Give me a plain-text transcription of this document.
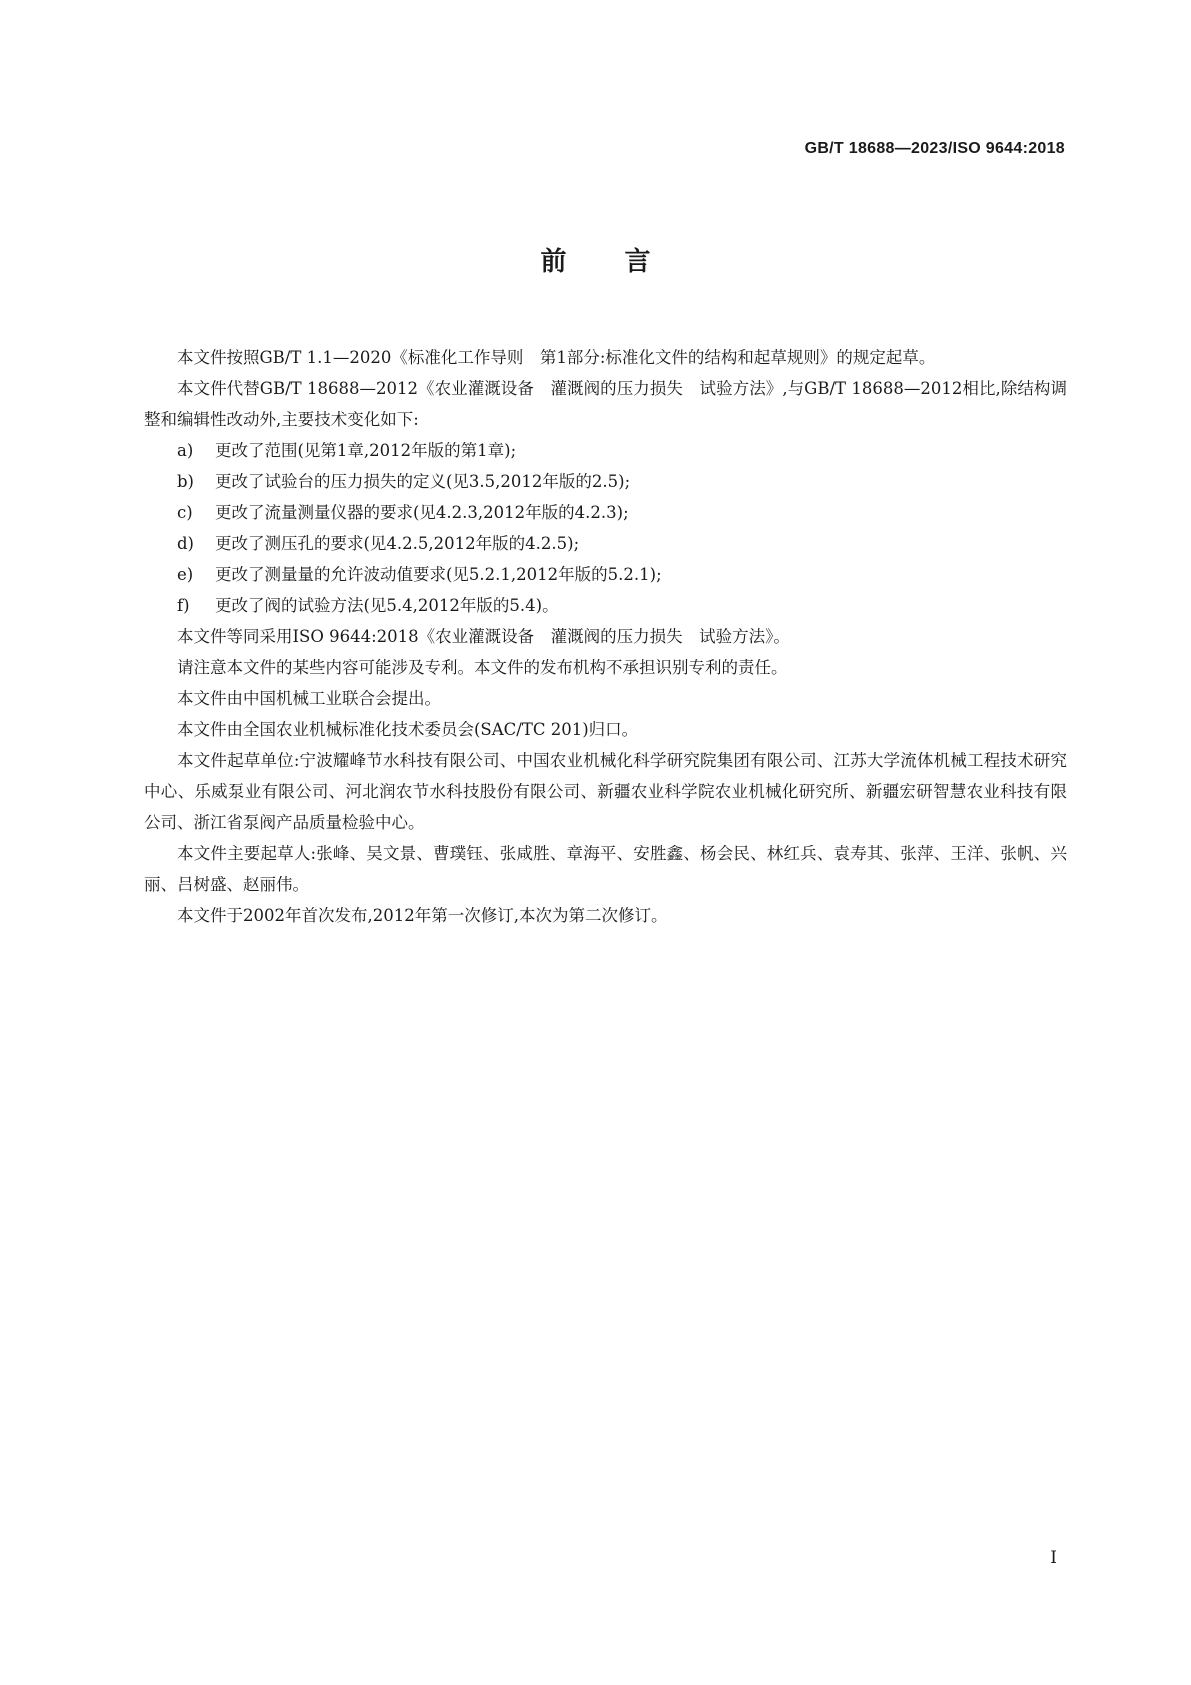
GB/T 18688—2023/ISO 9644:2018
前 言

本文件按照GB/T 1.1—2020《标准化工作导则　第1部分:标准化文件的结构和起草规则》的规定起草。

本文件代替GB/T 18688—2012《农业灌溉设备　灌溉阀的压力损失　试验方法》,与GB/T 18688—2012相比,除结构调整和编辑性改动外,主要技术变化如下:

a) 更改了范围(见第1章,2012年版的第1章);

b) 更改了试验台的压力损失的定义(见3.5,2012年版的2.5);

c) 更改了流量测量仪器的要求(见4.2.3,2012年版的4.2.3);

d) 更改了测压孔的要求(见4.2.5,2012年版的4.2.5);

e) 更改了测量量的允许波动值要求(见5.2.1,2012年版的5.2.1);

f) 更改了阀的试验方法(见5.4,2012年版的5.4)。

本文件等同采用ISO 9644:2018《农业灌溉设备　灌溉阀的压力损失　试验方法》。

请注意本文件的某些内容可能涉及专利。本文件的发布机构不承担识别专利的责任。

本文件由中国机械工业联合会提出。

本文件由全国农业机械标准化技术委员会(SAC/TC 201)归口。

本文件起草单位:宁波耀峰节水科技有限公司、中国农业机械化科学研究院集团有限公司、江苏大学流体机械工程技术研究中心、乐威泵业有限公司、河北润农节水科技股份有限公司、新疆农业科学院农业机械化研究所、新疆宏研智慧农业科技有限公司、浙江省泵阀产品质量检验中心。

本文件主要起草人:张峰、吴文景、曹璞钰、张咸胜、章海平、安胜鑫、杨会民、林红兵、袁寿其、张萍、王洋、张帆、兴丽、吕树盛、赵丽伟。

本文件于2002年首次发布,2012年第一次修订,本次为第二次修订。

I
